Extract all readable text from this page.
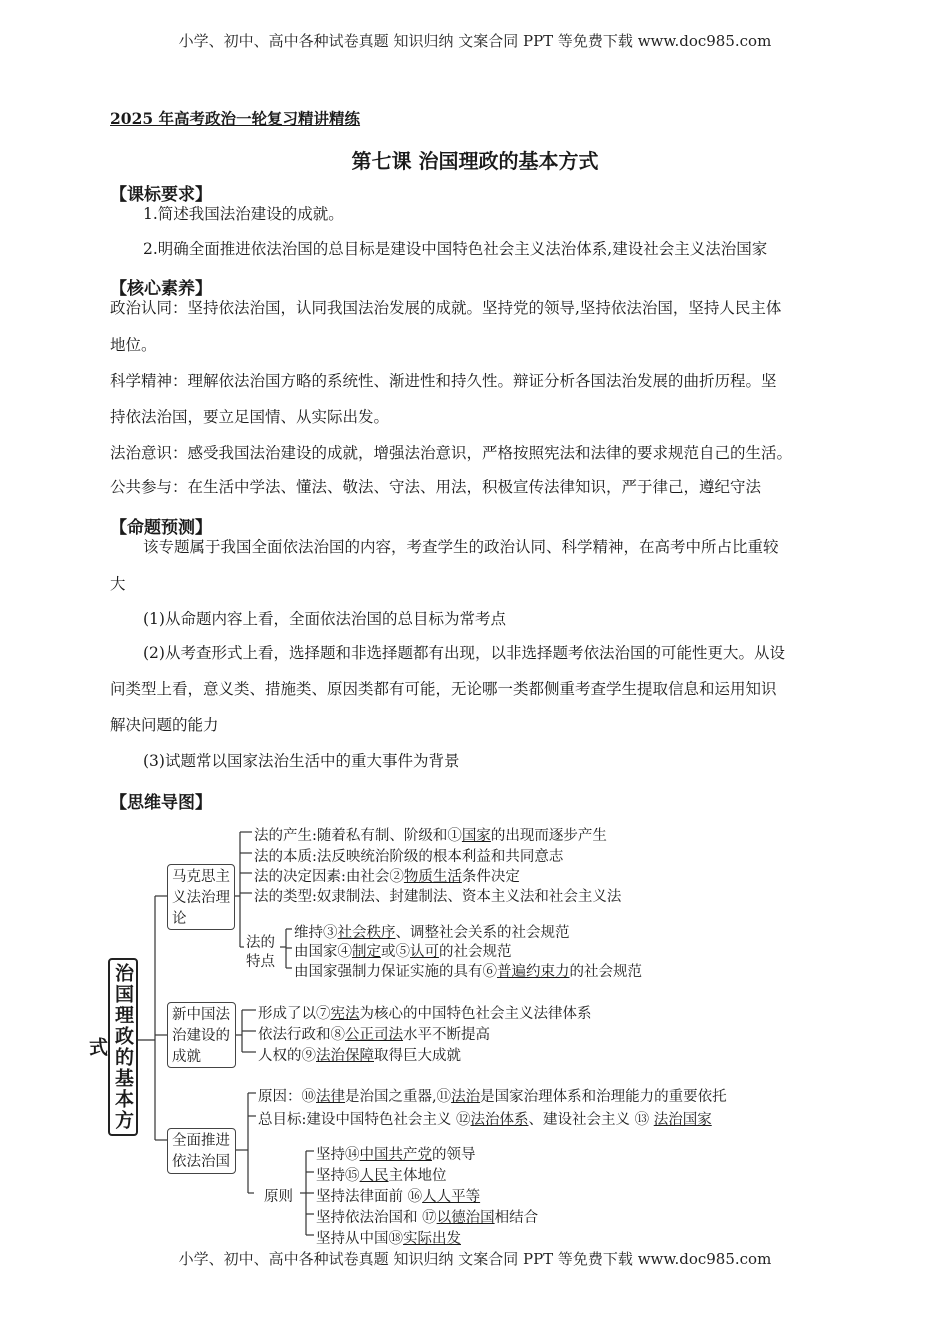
小学、初中、高中各种试卷真题 知识归纳 文案合同 PPT 等免费下载 www.doc985.com
小学、初中、高中各种试卷真题 知识归纳 文案合同 PPT 等免费下载 www.doc985.com
2025 年高考政治一轮复习精讲精练
第七课 治国理政的基本方式
【课标要求】
1.简述我国法治建设的成就。
2.明确全面推进依法治国的总目标是建设中国特色社会主义法治体系,建设社会主义法治国家
【核心素养】
政治认同：坚持依法治国，认同我国法治发展的成就。坚持党的领导,坚持依法治国，坚持人民主体
地位。
科学精神：理解依法治国方略的系统性、渐进性和持久性。辩证分析各国法治发展的曲折历程。坚
持依法治国，要立足国情、从实际出发。
法治意识：感受我国法治建设的成就，增强法治意识，严格按照宪法和法律的要求规范自己的生活。
公共参与：在生活中学法、懂法、敬法、守法、用法，积极宣传法律知识，严于律己，遵纪守法
【命题预测】
该专题属于我国全面依法治国的内容，考查学生的政治认同、科学精神，在高考中所占比重较
大
(1)从命题内容上看，全面依法治国的总目标为常考点
(2)从考查形式上看，选择题和非选择题都有出现，以非选择题考依法治国的可能性更大。从设
问类型上看，意义类、措施类、原因类都有可能，无论哪一类都侧重考查学生提取信息和运用知识
解决问题的能力
(3)试题常以国家法治生活中的重大事件为背景
【思维导图】
治国理政的基本方式
马克思主义法治理论
新中国法治建设的成就
全面推进依法治国
法的产生:随着私有制、阶级和①国家的出现而逐步产生
法的本质:法反映统治阶级的根本利益和共同意志
法的决定因素:由社会②物质生活条件决定
法的类型:奴隶制法、封建制法、资本主义法和社会主义法
法的特点
维持③社会秩序、调整社会关系的社会规范
由国家④制定或⑤认可的社会规范
由国家强制力保证实施的具有⑥普遍约束力的社会规范
形成了以⑦宪法为核心的中国特色社会主义法律体系
依法行政和⑧公正司法水平不断提高
人权的⑨法治保障取得巨大成就
原因：⑩法律是治国之重器,⑪法治是国家治理体系和治理能力的重要依托
总目标:建设中国特色社会主义 ⑫法治体系、建设社会主义 ⑬ 法治国家
原则
坚持⑭中国共产党的领导
坚持⑮人民主体地位
坚持法律面前 ⑯人人平等
坚持依法治国和 ⑰以德治国相结合
坚持从中国⑱实际出发
